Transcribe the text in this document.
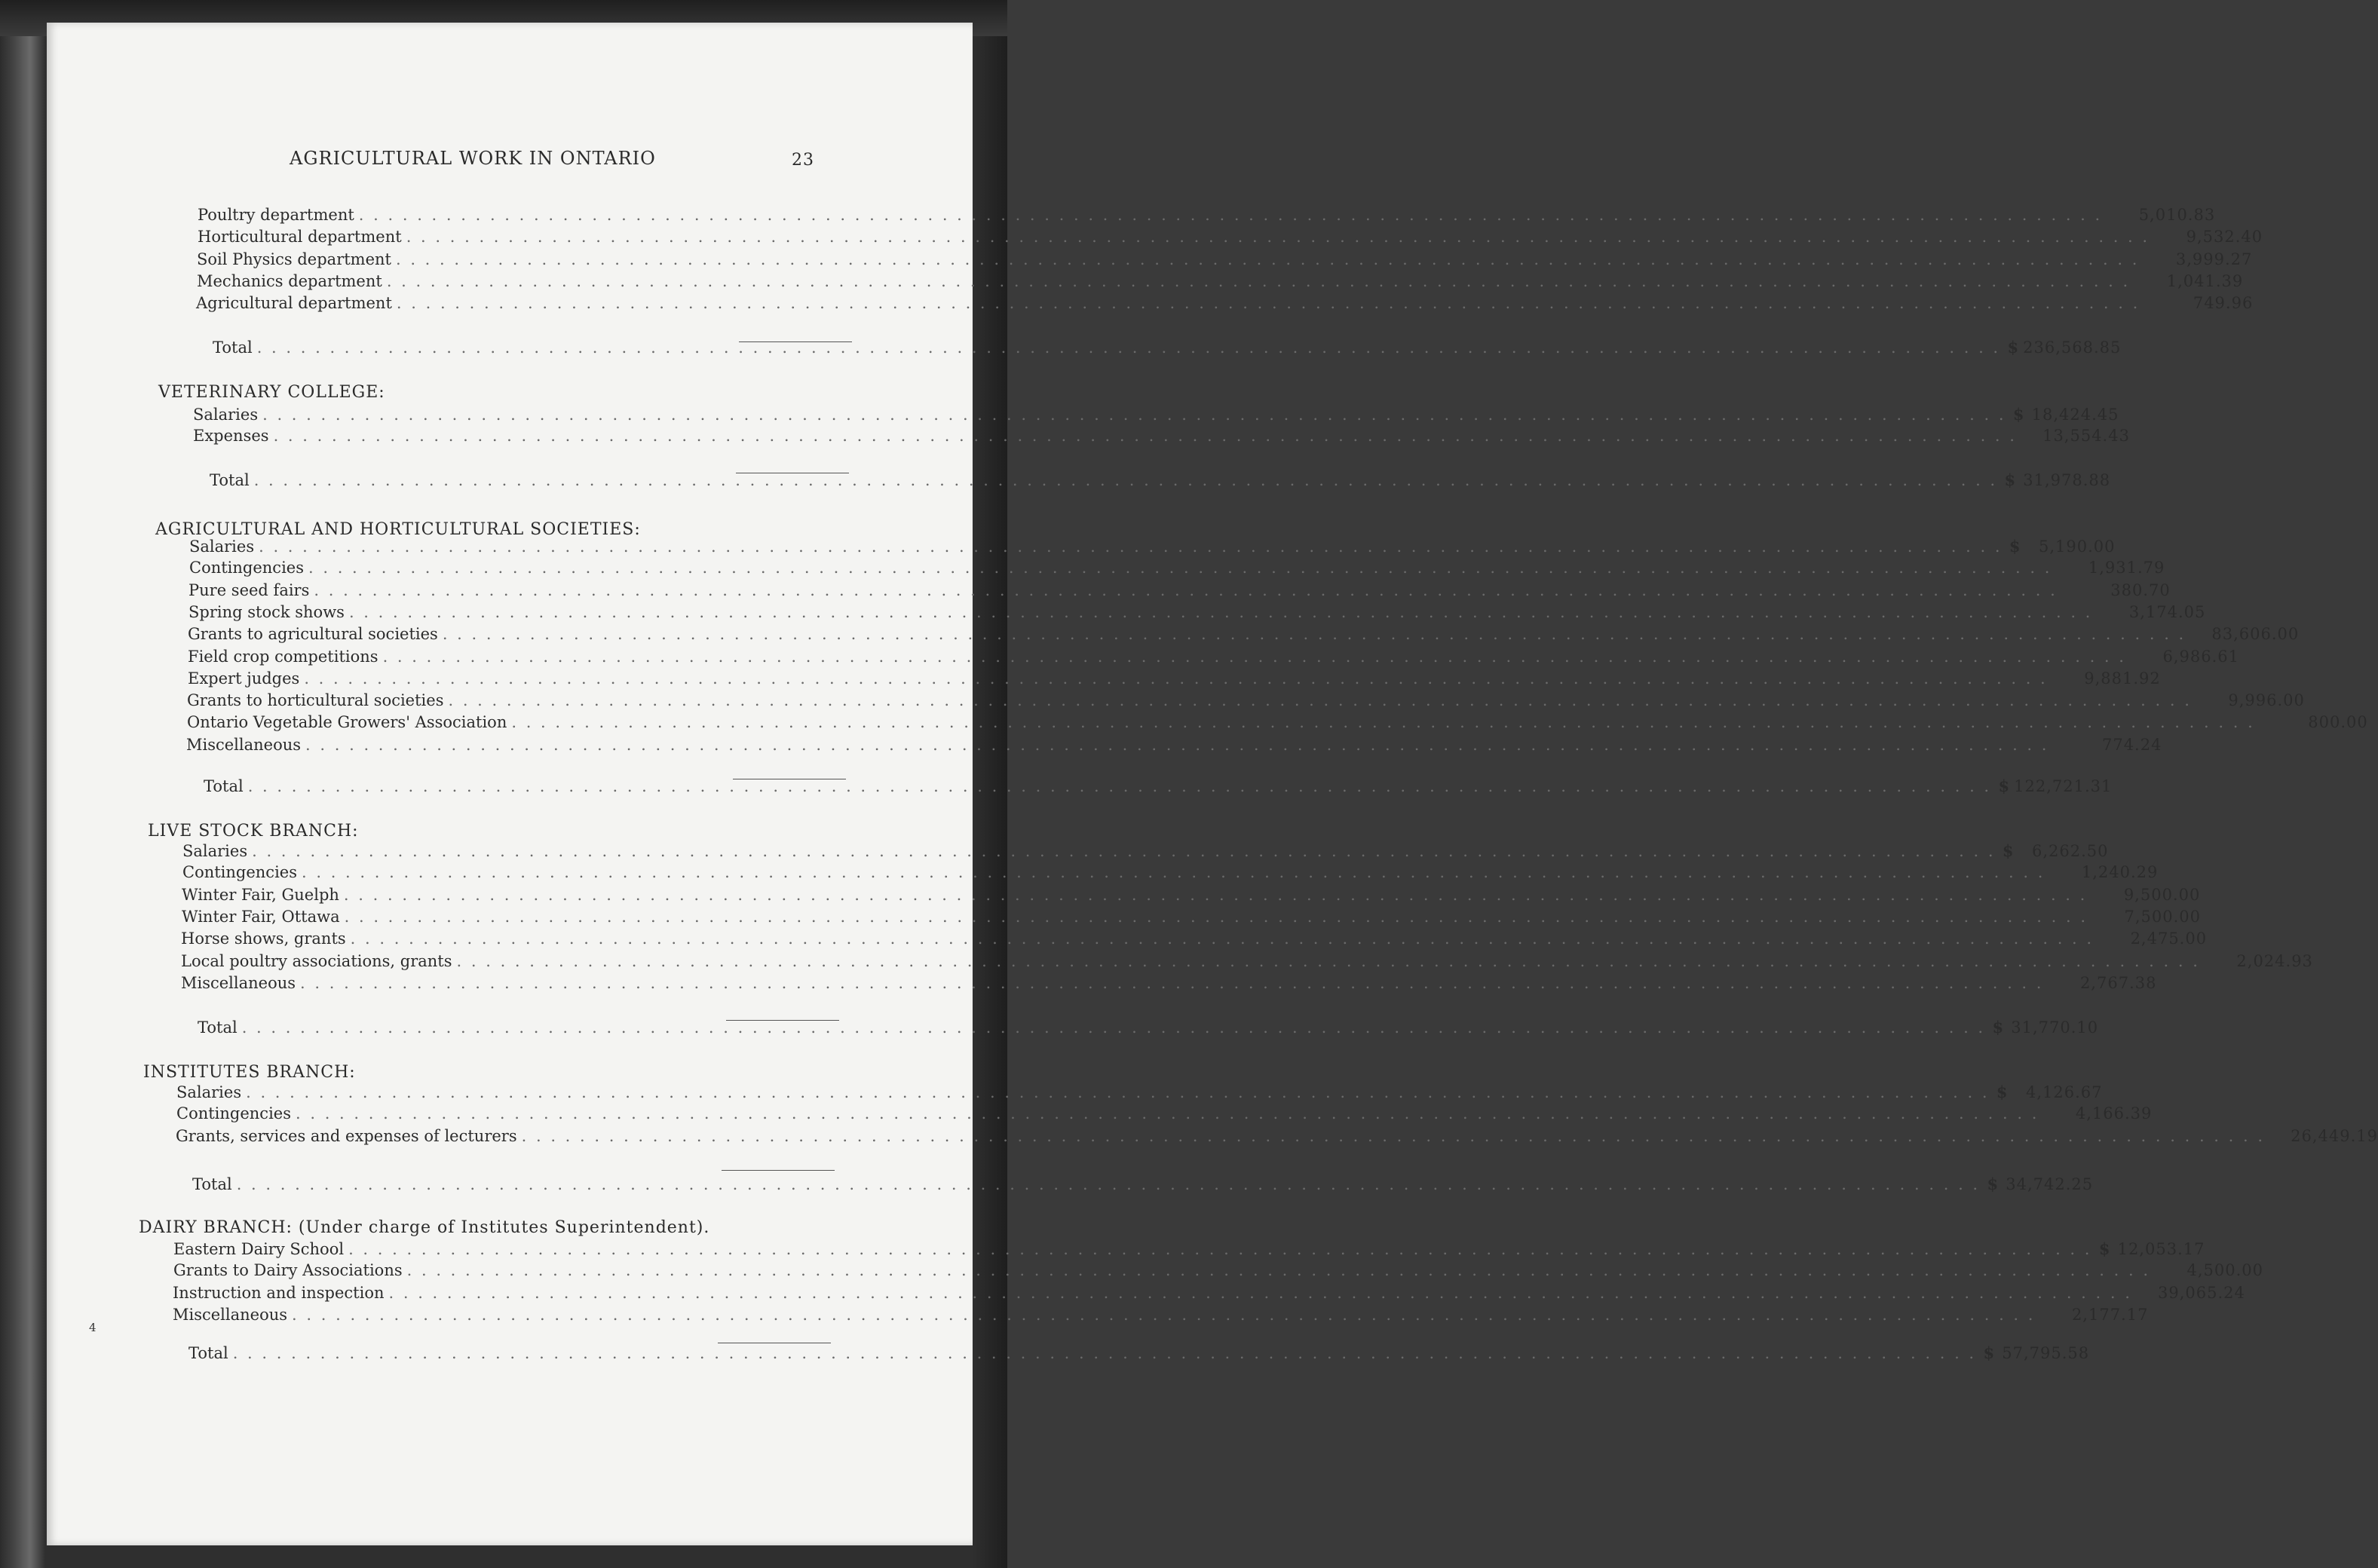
AGRICULTURAL WORK IN ONTARIO	23
4
Poultry department . . . . . . . . . . . . . . . . . . . . . . . . . . . . . . . . . . . . . . . . . . . . . . . . . . . . . . . . . . . . . . . . . . . . . . . . . . . . . . . . . . . . . . . . . . . . . . . . . . . . . . . . . . . . . . . . . . . . . . . .	5,010.83
Horticultural department . . . . . . . . . . . . . . . . . . . . . . . . . . . . . . . . . . . . . . . . . . . . . . . . . . . . . . . . . . . . . . . . . . . . . . . . . . . . . . . . . . . . . . . . . . . . . . . . . . . . . . . . . . . . . . . . . . . . . . . .	9,532.40
Soil Physics department . . . . . . . . . . . . . . . . . . . . . . . . . . . . . . . . . . . . . . . . . . . . . . . . . . . . . . . . . . . . . . . . . . . . . . . . . . . . . . . . . . . . . . . . . . . . . . . . . . . . . . . . . . . . . . . . . . . . . . . .	3,999.27
Mechanics department . . . . . . . . . . . . . . . . . . . . . . . . . . . . . . . . . . . . . . . . . . . . . . . . . . . . . . . . . . . . . . . . . . . . . . . . . . . . . . . . . . . . . . . . . . . . . . . . . . . . . . . . . . . . . . . . . . . . . . . .	1,041.39
Agricultural department . . . . . . . . . . . . . . . . . . . . . . . . . . . . . . . . . . . . . . . . . . . . . . . . . . . . . . . . . . . . . . . . . . . . . . . . . . . . . . . . . . . . . . . . . . . . . . . . . . . . . . . . . . . . . . . . . . . . . . . .	749.96
Total . . . . . . . . . . . . . . . . . . . . . . . . . . . . . . . . . . . . . . . . . . . . . . . . . . . . . . . . . . . . . . . . . . . . . . . . . . . . . . . . . . . . . . . . . . . . . . . . . . . . . . . . . . . . . . . . . . . . . . . . $ 236,568.85
VETERINARY COLLEGE:
Salaries . . . . . . . . . . . . . . . . . . . . . . . . . . . . . . . . . . . . . . . . . . . . . . . . . . . . . . . . . . . . . . . . . . . . . . . . . . . . . . . . . . . . . . . . . . . . . . . . . . . . . . . . . . . . . . . . . . . . . . . . $ 18,424.45
Expenses . . . . . . . . . . . . . . . . . . . . . . . . . . . . . . . . . . . . . . . . . . . . . . . . . . . . . . . . . . . . . . . . . . . . . . . . . . . . . . . . . . . . . . . . . . . . . . . . . . . . . . . . . . . . . . . . . . . . . . . . 13,554.43
Total . . . . . . . . . . . . . . . . . . . . . . . . . . . . . . . . . . . . . . . . . . . . . . . . . . . . . . . . . . . . . . . . . . . . . . . . . . . . . . . . . . . . . . . . . . . . . . . . . . . . . . . . . . . . . . . . . . . . . . . . $ 31,978.88
AGRICULTURAL AND HORTICULTURAL SOCIETIES:
Salaries . . . . . . . . . . . . . . . . . . . . . . . . . . . . . . . . . . . . . . . . . . . . . . . . . . . . . . . . . . . . . . . . . . . . . . . . . . . . . . . . . . . . . . . . . . . . . . . . . . . . . . . . . . . . . . . . . . . . . . . . $	5,190.00
Contingencies . . . . . . . . . . . . . . . . . . . . . . . . . . . . . . . . . . . . . . . . . . . . . . . . . . . . . . . . . . . . . . . . . . . . . . . . . . . . . . . . . . . . . . . . . . . . . . . . . . . . . . . . . . . . . . . . . . . . . . . .	1,931.79
Pure seed fairs . . . . . . . . . . . . . . . . . . . . . . . . . . . . . . . . . . . . . . . . . . . . . . . . . . . . . . . . . . . . . . . . . . . . . . . . . . . . . . . . . . . . . . . . . . . . . . . . . . . . . . . . . . . . . . . . . . . . . . . .	380.70
Spring stock shows . . . . . . . . . . . . . . . . . . . . . . . . . . . . . . . . . . . . . . . . . . . . . . . . . . . . . . . . . . . . . . . . . . . . . . . . . . . . . . . . . . . . . . . . . . . . . . . . . . . . . . . . . . . . . . . . . . . . . . . .	3,174.05
Grants to agricultural societies . . . . . . . . . . . . . . . . . . . . . . . . . . . . . . . . . . . . . . . . . . . . . . . . . . . . . . . . . . . . . . . . . . . . . . . . . . . . . . . . . . . . . . . . . . . . . . . . . . . . . . . . . . . . . . . . . . . . . . . . 83,606.00
Field crop competitions . . . . . . . . . . . . . . . . . . . . . . . . . . . . . . . . . . . . . . . . . . . . . . . . . . . . . . . . . . . . . . . . . . . . . . . . . . . . . . . . . . . . . . . . . . . . . . . . . . . . . . . . . . . . . . . . . . . . . . . .	6,986.61
Expert judges . . . . . . . . . . . . . . . . . . . . . . . . . . . . . . . . . . . . . . . . . . . . . . . . . . . . . . . . . . . . . . . . . . . . . . . . . . . . . . . . . . . . . . . . . . . . . . . . . . . . . . . . . . . . . . . . . . . . . . . .	9,881.92
Grants to horticultural societies . . . . . . . . . . . . . . . . . . . . . . . . . . . . . . . . . . . . . . . . . . . . . . . . . . . . . . . . . . . . . . . . . . . . . . . . . . . . . . . . . . . . . . . . . . . . . . . . . . . . . . . . . . . . . . . . . . . . . . . .	9,996.00
Ontario Vegetable Growers' Association . . . . . . . . . . . . . . . . . . . . . . . . . . . . . . . . . . . . . . . . . . . . . . . . . . . . . . . . . . . . . . . . . . . . . . . . . . . . . . . . . . . . . . . . . . . . . . . . . . . . . . . . . . . . . . . . . . . . . . . .	800.00
Miscellaneous . . . . . . . . . . . . . . . . . . . . . . . . . . . . . . . . . . . . . . . . . . . . . . . . . . . . . . . . . . . . . . . . . . . . . . . . . . . . . . . . . . . . . . . . . . . . . . . . . . . . . . . . . . . . . . . . . . . . . . . .	774.24
Total . . . . . . . . . . . . . . . . . . . . . . . . . . . . . . . . . . . . . . . . . . . . . . . . . . . . . . . . . . . . . . . . . . . . . . . . . . . . . . . . . . . . . . . . . . . . . . . . . . . . . . . . . . . . . . . . . . . . . . . . $ 122,721.31
LIVE STOCK BRANCH:
Salaries . . . . . . . . . . . . . . . . . . . . . . . . . . . . . . . . . . . . . . . . . . . . . . . . . . . . . . . . . . . . . . . . . . . . . . . . . . . . . . . . . . . . . . . . . . . . . . . . . . . . . . . . . . . . . . . . . . . . . . . . $	6,262.50
Contingencies . . . . . . . . . . . . . . . . . . . . . . . . . . . . . . . . . . . . . . . . . . . . . . . . . . . . . . . . . . . . . . . . . . . . . . . . . . . . . . . . . . . . . . . . . . . . . . . . . . . . . . . . . . . . . . . . . . . . . . . .	1,240.29
Winter Fair, Guelph . . . . . . . . . . . . . . . . . . . . . . . . . . . . . . . . . . . . . . . . . . . . . . . . . . . . . . . . . . . . . . . . . . . . . . . . . . . . . . . . . . . . . . . . . . . . . . . . . . . . . . . . . . . . . . . . . . . . . . . .	9,500.00
Winter Fair, Ottawa . . . . . . . . . . . . . . . . . . . . . . . . . . . . . . . . . . . . . . . . . . . . . . . . . . . . . . . . . . . . . . . . . . . . . . . . . . . . . . . . . . . . . . . . . . . . . . . . . . . . . . . . . . . . . . . . . . . . . . . .	7,500.00
Horse shows, grants . . . . . . . . . . . . . . . . . . . . . . . . . . . . . . . . . . . . . . . . . . . . . . . . . . . . . . . . . . . . . . . . . . . . . . . . . . . . . . . . . . . . . . . . . . . . . . . . . . . . . . . . . . . . . . . . . . . . . . . .	2,475.00
Local poultry associations, grants . . . . . . . . . . . . . . . . . . . . . . . . . . . . . . . . . . . . . . . . . . . . . . . . . . . . . . . . . . . . . . . . . . . . . . . . . . . . . . . . . . . . . . . . . . . . . . . . . . . . . . . . . . . . . . . . . . . . . . . .	2,024.93
Miscellaneous . . . . . . . . . . . . . . . . . . . . . . . . . . . . . . . . . . . . . . . . . . . . . . . . . . . . . . . . . . . . . . . . . . . . . . . . . . . . . . . . . . . . . . . . . . . . . . . . . . . . . . . . . . . . . . . . . . . . . . . .	2,767.38
Total . . . . . . . . . . . . . . . . . . . . . . . . . . . . . . . . . . . . . . . . . . . . . . . . . . . . . . . . . . . . . . . . . . . . . . . . . . . . . . . . . . . . . . . . . . . . . . . . . . . . . . . . . . . . . . . . . . . . . . . . $ 31,770.10
INSTITUTES BRANCH:
Salaries . . . . . . . . . . . . . . . . . . . . . . . . . . . . . . . . . . . . . . . . . . . . . . . . . . . . . . . . . . . . . . . . . . . . . . . . . . . . . . . . . . . . . . . . . . . . . . . . . . . . . . . . . . . . . . . . . . . . . . . . $	4,126.67
Contingencies . . . . . . . . . . . . . . . . . . . . . . . . . . . . . . . . . . . . . . . . . . . . . . . . . . . . . . . . . . . . . . . . . . . . . . . . . . . . . . . . . . . . . . . . . . . . . . . . . . . . . . . . . . . . . . . . . . . . . . . .	4,166.39
Grants, services and expenses of lecturers . . . . . . . . . . . . . . . . . . . . . . . . . . . . . . . . . . . . . . . . . . . . . . . . . . . . . . . . . . . . . . . . . . . . . . . . . . . . . . . . . . . . . . . . . . . . . . . . . . . . . . . . . . . . . . . . . . . . . . . . 26,449.19
Total . . . . . . . . . . . . . . . . . . . . . . . . . . . . . . . . . . . . . . . . . . . . . . . . . . . . . . . . . . . . . . . . . . . . . . . . . . . . . . . . . . . . . . . . . . . . . . . . . . . . . . . . . . . . . . . . . . . . . . . . $ 34,742.25
DAIRY BRANCH: (Under charge of Institutes Superintendent).
Eastern Dairy School . . . . . . . . . . . . . . . . . . . . . . . . . . . . . . . . . . . . . . . . . . . . . . . . . . . . . . . . . . . . . . . . . . . . . . . . . . . . . . . . . . . . . . . . . . . . . . . . . . . . . . . . . . . . . . . . . . . . . . . . $ 12,053.17
Grants to Dairy Associations . . . . . . . . . . . . . . . . . . . . . . . . . . . . . . . . . . . . . . . . . . . . . . . . . . . . . . . . . . . . . . . . . . . . . . . . . . . . . . . . . . . . . . . . . . . . . . . . . . . . . . . . . . . . . . . . . . . . . . . .	4,500.00
Instruction and inspection . . . . . . . . . . . . . . . . . . . . . . . . . . . . . . . . . . . . . . . . . . . . . . . . . . . . . . . . . . . . . . . . . . . . . . . . . . . . . . . . . . . . . . . . . . . . . . . . . . . . . . . . . . . . . . . . . . . . . . . . 39,065.24
Miscellaneous . . . . . . . . . . . . . . . . . . . . . . . . . . . . . . . . . . . . . . . . . . . . . . . . . . . . . . . . . . . . . . . . . . . . . . . . . . . . . . . . . . . . . . . . . . . . . . . . . . . . . . . . . . . . . . . . . . . . . . . .	2,177.17
Total . . . . . . . . . . . . . . . . . . . . . . . . . . . . . . . . . . . . . . . . . . . . . . . . . . . . . . . . . . . . . . . . . . . . . . . . . . . . . . . . . . . . . . . . . . . . . . . . . . . . . . . . . . . . . . . . . . . . . . . . $ 57,795.58
